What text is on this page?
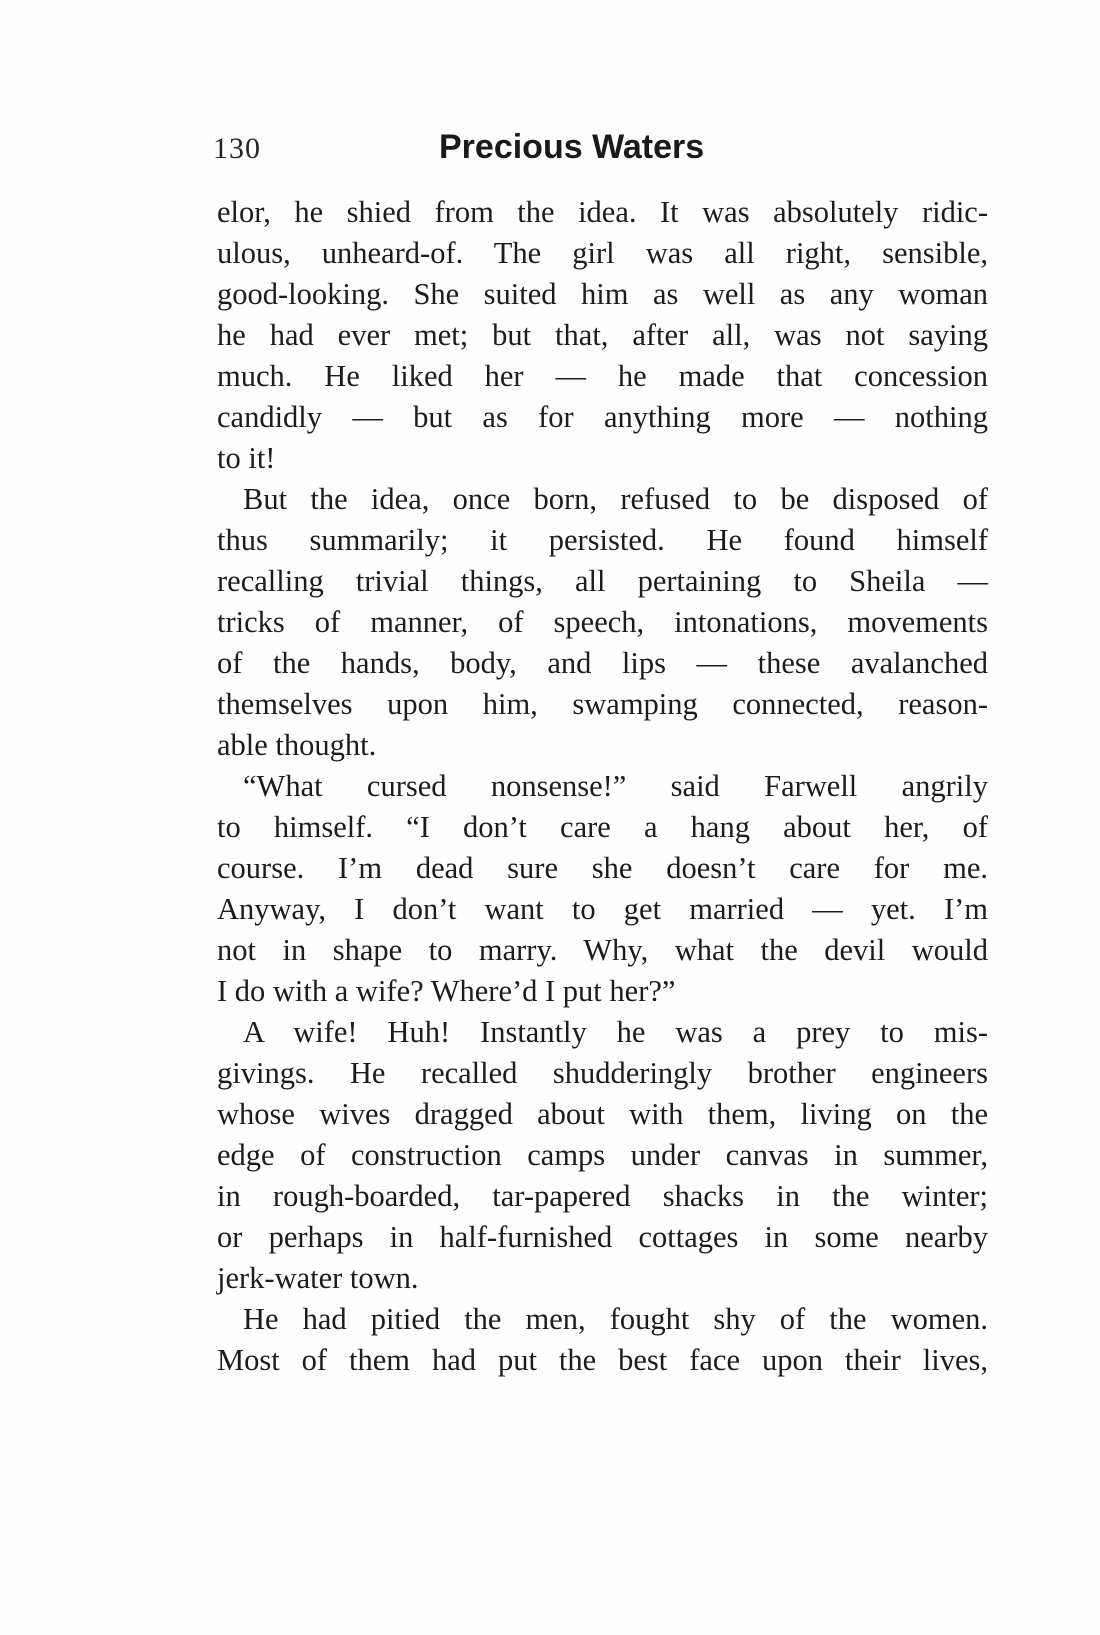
130	Precious Waters
elor, he shied from the idea. It was absolutely ridic-
ulous, unheard-of. The girl was all right, sensible,
good-looking. She suited him as well as any woman
he had ever met; but that, after all, was not saying
much. He liked her — he made that concession
candidly — but as for anything more — nothing
to it!
But the idea, once born, refused to be disposed of
thus summarily; it persisted. He found himself
recalling trivial things, all pertaining to Sheila —
tricks of manner, of speech, intonations, movements
of the hands, body, and lips — these avalanched
themselves upon him, swamping connected, reason-
able thought.
“What cursed nonsense!” said Farwell angrily
to himself. “I don’t care a hang about her, of
course. I’m dead sure she doesn’t care for me.
Anyway, I don’t want to get married — yet. I’m
not in shape to marry. Why, what the devil would
I do with a wife? Where’d I put her?”
A wife! Huh! Instantly he was a prey to mis-
givings. He recalled shudderingly brother engineers
whose wives dragged about with them, living on the
edge of construction camps under canvas in summer,
in rough-boarded, tar-papered shacks in the winter;
or perhaps in half-furnished cottages in some nearby
jerk-water town.
He had pitied the men, fought shy of the women.
Most of them had put the best face upon their lives,
